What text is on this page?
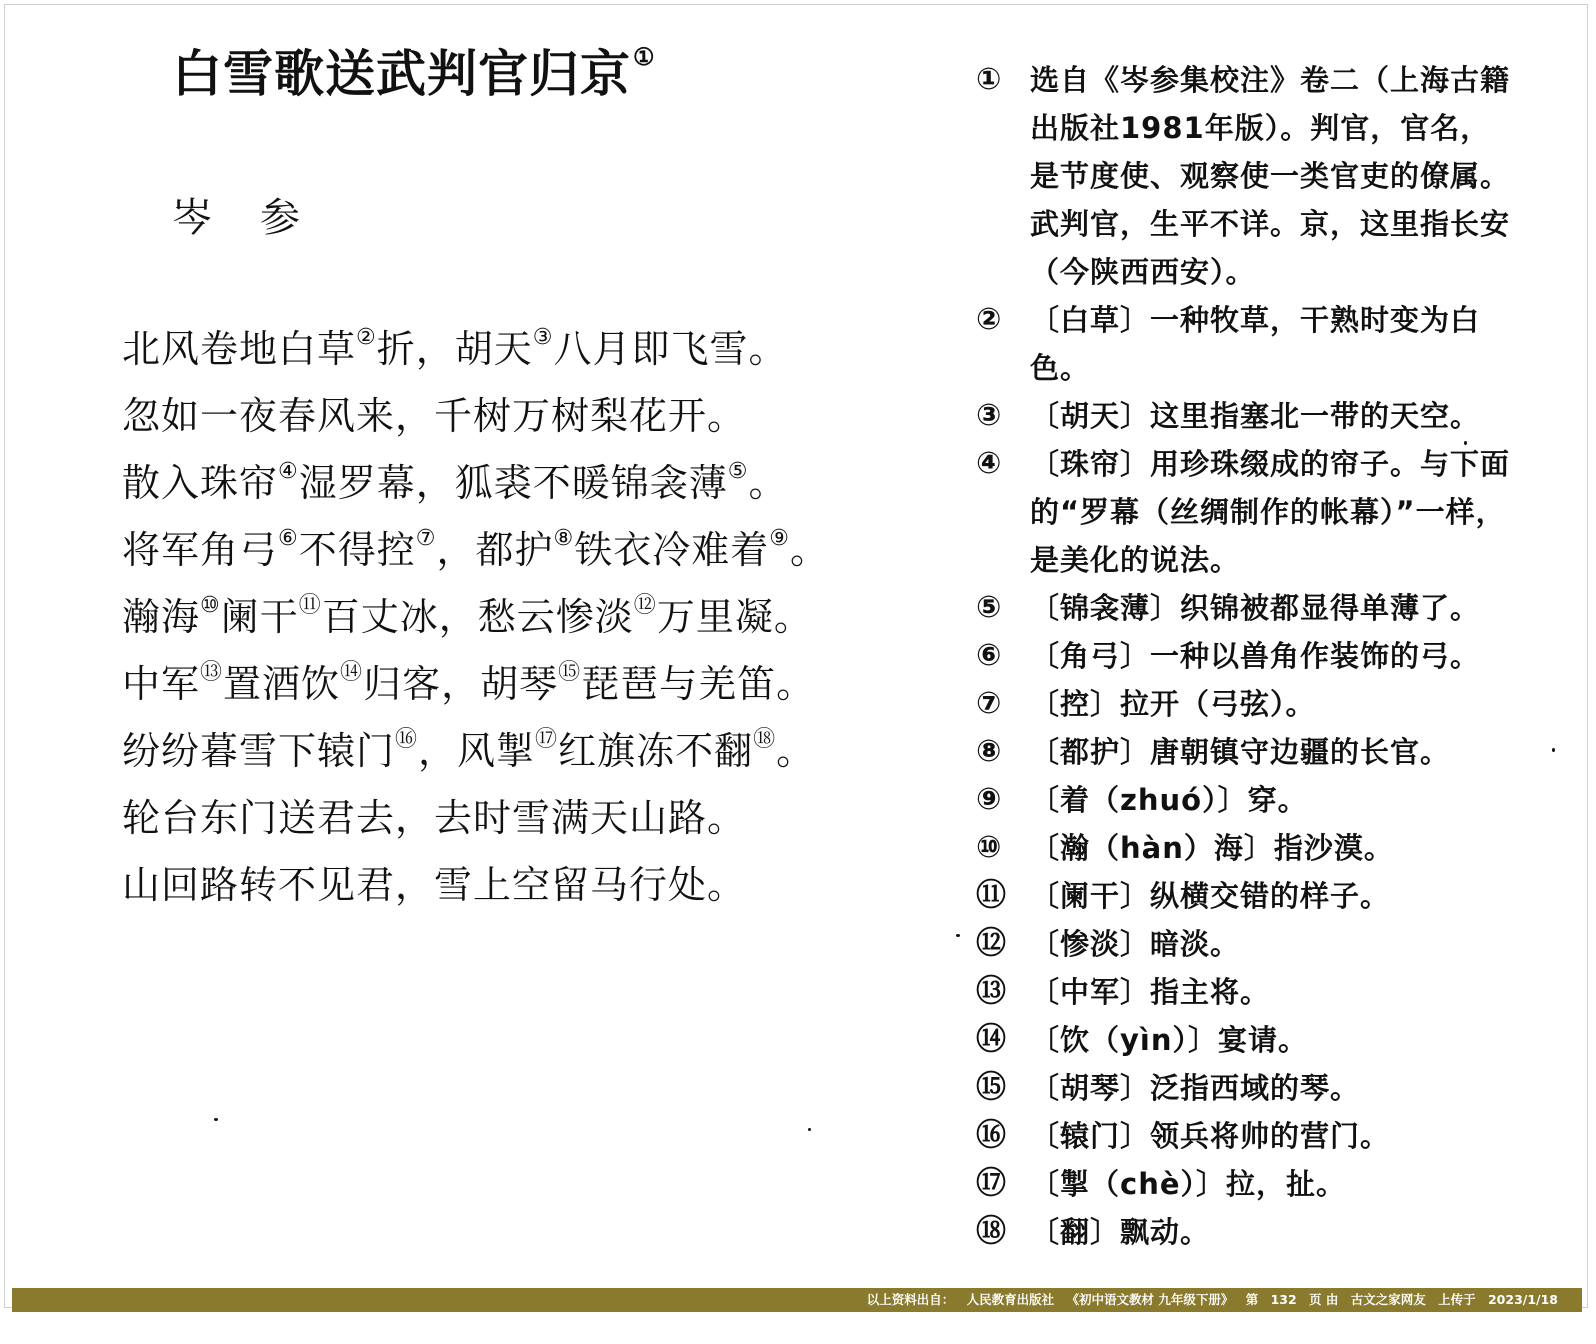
白雪歌送武判官归京①
岑参
北风卷地白草②折，胡天③八月即飞雪。
忽如一夜春风来，千树万树梨花开。
散入珠帘④湿罗幕，狐裘不暖锦衾薄⑤。
将军角弓⑥不得控⑦，都护⑧铁衣冷难着⑨。
瀚海⑩阑干⑪百丈冰，愁云惨淡⑫万里凝。
中军⑬置酒饮⑭归客，胡琴⑮琵琶与羌笛。
纷纷暮雪下辕门⑯，风掣⑰红旗冻不翻⑱。
轮台东门送君去，去时雪满天山路。
山回路转不见君，雪上空留马行处。
① 选自《岑参集校注》卷二（上海古籍出版社1981年版）。判官，官名，是节度使、观察使一类官吏的僚属。武判官，生平不详。京，这里指长安（今陕西西安）。
② 〔白草〕一种牧草，干熟时变为白色。
③ 〔胡天〕这里指塞北一带的天空。
④ 〔珠帘〕用珍珠缀成的帘子。与下面的“罗幕（丝绸制作的帐幕）”一样，是美化的说法。
⑤ 〔锦衾薄〕织锦被都显得单薄了。
⑥ 〔角弓〕一种以兽角作装饰的弓。
⑦ 〔控〕拉开（弓弦）。
⑧ 〔都护〕唐朝镇守边疆的长官。
⑨ 〔着（zhuó）〕穿。
⑩ 〔瀚（hàn）海〕指沙漠。
⑪ 〔阑干〕纵横交错的样子。
⑫ 〔惨淡〕暗淡。
⑬ 〔中军〕指主将。
⑭ 〔饮（yìn）〕宴请。
⑮ 〔胡琴〕泛指西域的琴。
⑯ 〔辕门〕领兵将帅的营门。
⑰ 〔掣（chè）〕拉，扯。
⑱ 〔翻〕飘动。
以上资料出自： 人民教育出版社 《初中语文教材 九年级下册》 第 132 页 由 古文之家网友 上传于 2023/1/18
